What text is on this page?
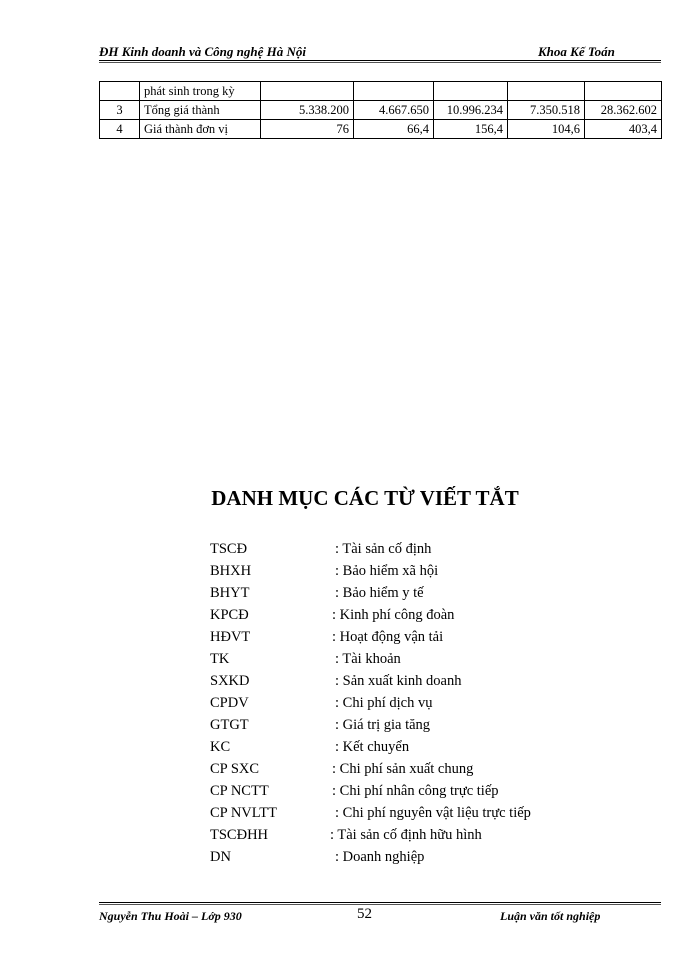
ĐH Kinh doanh và Công nghệ Hà Nội	Khoa Kế Toán
	phát sinh trong kỳ					
3	Tổng giá thành	5.338.200	4.667.650	10.996.234	7.350.518	28.362.602
4	Giá thành đơn vị	76	66,4	156,4	104,6	403,4
DANH MỤC CÁC TỪ VIẾT TẮT
TSCĐ	: Tài sản cố định
BHXH	: Bảo hiểm xã hội
BHYT	: Bảo hiểm y tế
KPCĐ	: Kinh phí công đoàn
HĐVT	: Hoạt động vận tải
TK	: Tài khoản
SXKD	: Sản xuất kinh doanh
CPDV	: Chi phí dịch vụ
GTGT	: Giá trị gia tăng
KC	: Kết chuyển
CP SXC	: Chi phí sản xuất chung
CP NCTT	: Chi phí nhân công trực tiếp
CP NVLTT	: Chi phí nguyên vật liệu trực tiếp
TSCĐHH	: Tài sản cố định hữu hình
DN	: Doanh nghiệp
Nguyễn Thu Hoài – Lớp 930	52	Luận văn tốt nghiệp
